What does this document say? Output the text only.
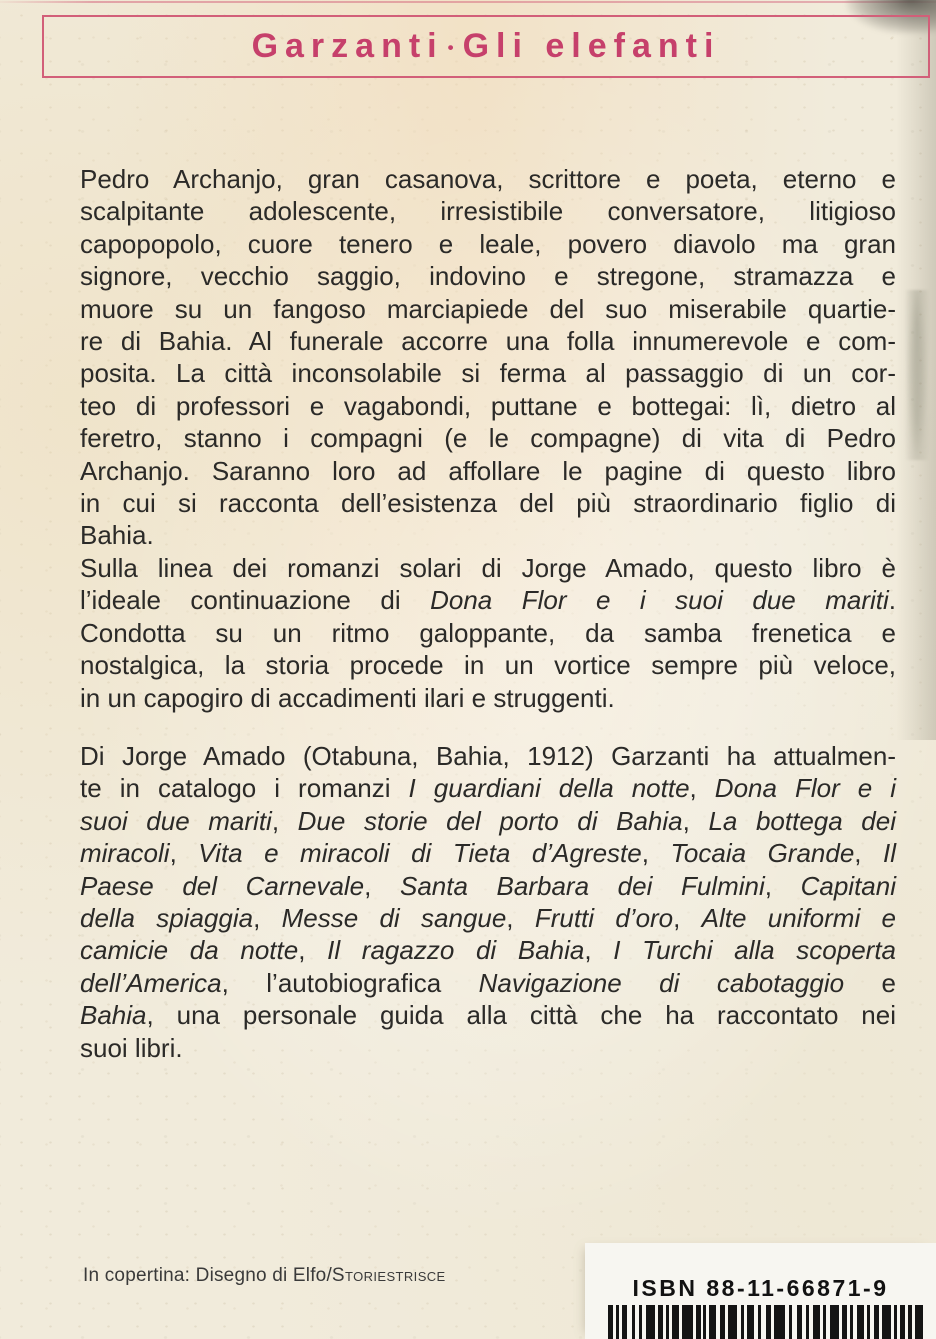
Garzanti • Gli elefanti
Pedro Archanjo, gran casanova, scrittore e poeta, eterno e
scalpitante adolescente, irresistibile conversatore, litigioso
capopopolo, cuore tenero e leale, povero diavolo ma gran
signore, vecchio saggio, indovino e stregone, stramazza e
muore su un fangoso marciapiede del suo miserabile quartie-
re di Bahia. Al funerale accorre una folla innumerevole e com-
posita. La città inconsolabile si ferma al passaggio di un cor-
teo di professori e vagabondi, puttane e bottegai: lì, dietro al
feretro, stanno i compagni (e le compagne) di vita di Pedro
Archanjo. Saranno loro ad affollare le pagine di questo libro
in cui si racconta dell’esistenza del più straordinario figlio di
Bahia.
Sulla linea dei romanzi solari di Jorge Amado, questo libro è
l’ideale continuazione di Dona Flor e i suoi due mariti.
Condotta su un ritmo galoppante, da samba frenetica e
nostalgica, la storia procede in un vortice sempre più veloce,
in un capogiro di accadimenti ilari e struggenti.
Di Jorge Amado (Otabuna, Bahia, 1912) Garzanti ha attualmen-
te in catalogo i romanzi I guardiani della notte, Dona Flor e i
suoi due mariti, Due storie del porto di Bahia, La bottega dei
miracoli, Vita e miracoli di Tieta d’Agreste, Tocaia Grande, Il
Paese del Carnevale, Santa Barbara dei Fulmini, Capitani
della spiaggia, Messe di sangue, Frutti d’oro, Alte uniformi e
camicie da notte, Il ragazzo di Bahia, I Turchi alla scoperta
dell’America, l’autobiografica Navigazione di cabotaggio e
Bahia, una personale guida alla città che ha raccontato nei
suoi libri.
In copertina: Disegno di Elfo/Storiestrisce	ISBN 88-11-66871-9
